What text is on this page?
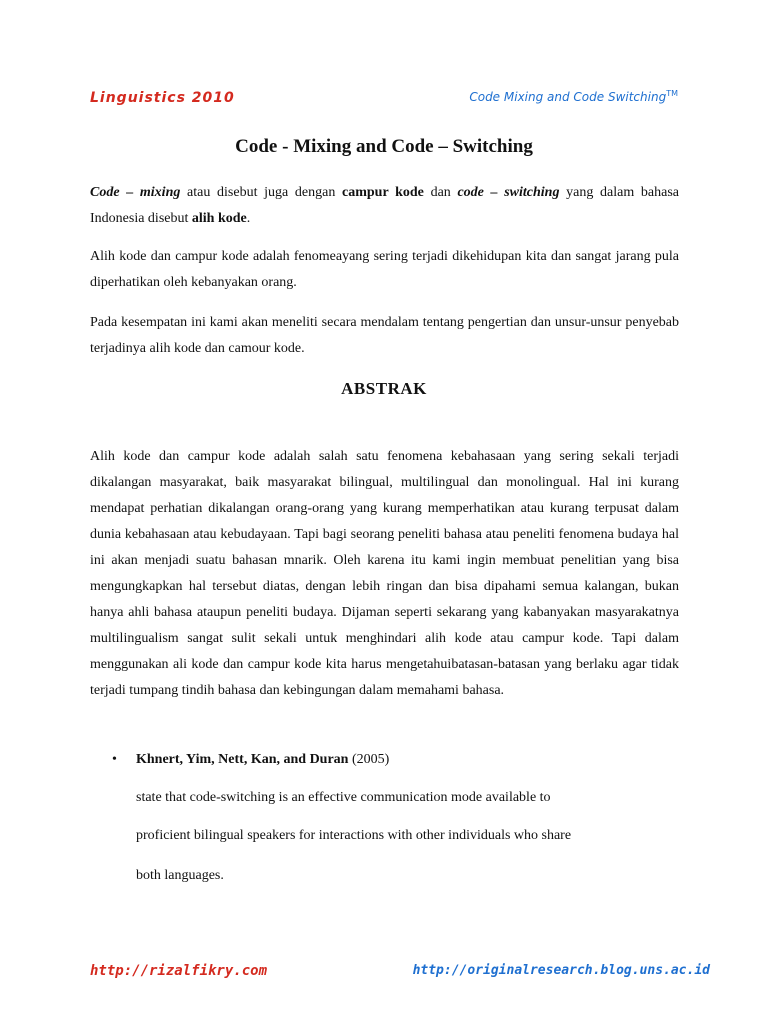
Linguistics 2010	Code Mixing and Code Switching™
Code - Mixing and Code – Switching

Code – mixing atau disebut juga dengan campur kode dan code – switching yang dalam bahasa Indonesia disebut alih kode.

Alih kode dan campur kode adalah fenomeayang sering terjadi dikehidupan kita dan sangat jarang pula diperhatikan oleh kebanyakan orang.

Pada kesempatan ini kami akan meneliti secara mendalam tentang pengertian dan unsur-unsur penyebab terjadinya alih kode dan camour kode.

ABSTRAK

Alih kode dan campur kode adalah salah satu fenomena kebahasaan yang sering sekali terjadi dikalangan masyarakat, baik masyarakat bilingual, multilingual dan monolingual. Hal ini kurang mendapat perhatian dikalangan orang-orang yang kurang memperhatikan atau kurang terpusat dalam dunia kebahasaan atau kebudayaan. Tapi bagi seorang peneliti bahasa atau peneliti fenomena budaya hal ini akan menjadi suatu bahasan mnarik. Oleh karena itu kami ingin membuat penelitian yang bisa mengungkapkan hal tersebut diatas, dengan lebih ringan dan bisa dipahami semua kalangan, bukan hanya ahli bahasa ataupun peneliti budaya. Dijaman seperti sekarang yang kabanyakan masyarakatnya multilingualism sangat sulit sekali untuk menghindari alih kode atau campur kode. Tapi dalam menggunakan ali kode dan campur kode kita harus mengetahuibatasan-batasan yang berlaku agar tidak terjadi tumpang tindih bahasa dan kebingungan dalam memahami bahasa.

• Khnert, Yim, Nett, Kan, and Duran (2005)
state that code-switching is an effective communication mode available to
proficient bilingual speakers for interactions with other individuals who share
both languages.
http://rizalfikry.com	http://originalresearch.blog.uns.ac.id
